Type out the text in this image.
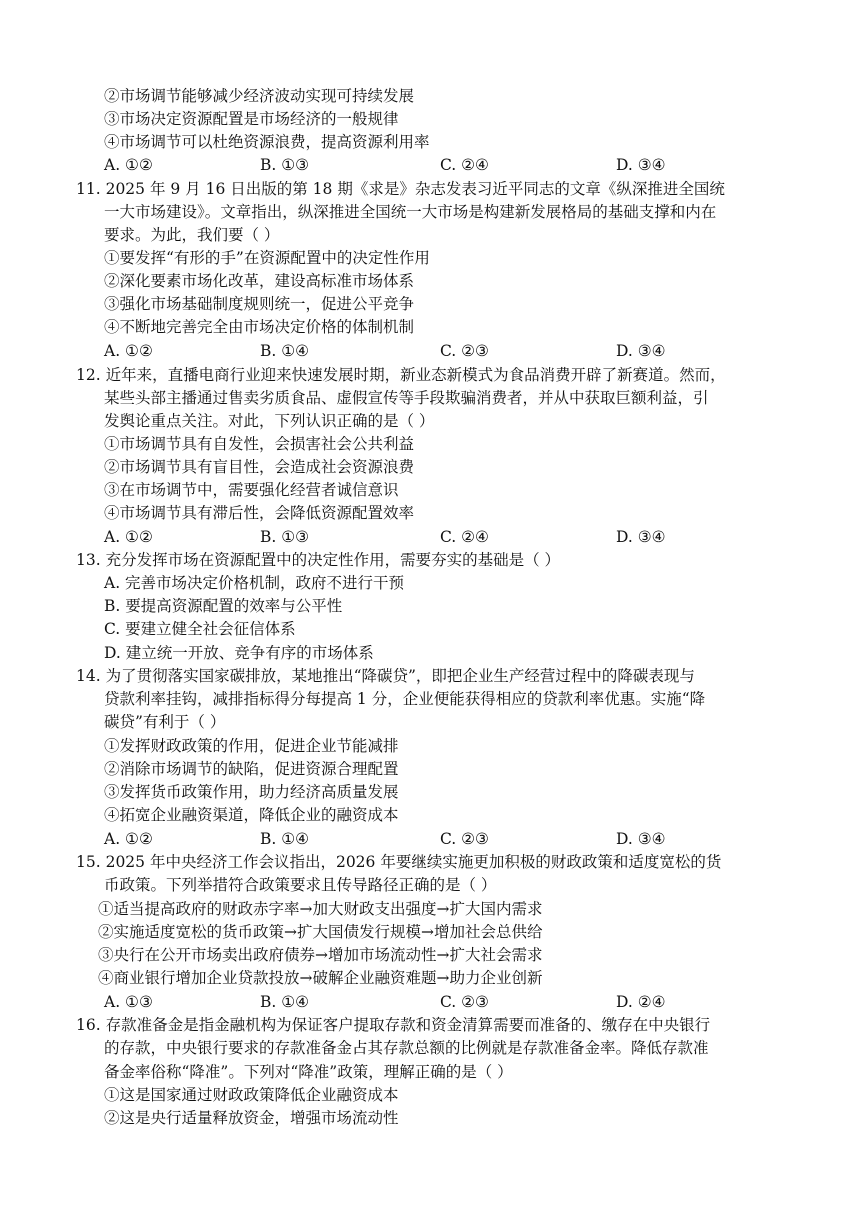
②市场调节能够减少经济波动实现可持续发展
③市场决定资源配置是市场经济的一般规律
④市场调节可以杜绝资源浪费，提高资源利用率
A. ①②	B. ①③	C. ②④	D. ③④
11. 2025 年 9 月 16 日出版的第 18 期《求是》杂志发表习近平同志的文章《纵深推进全国统
一大市场建设》。文章指出，纵深推进全国统一大市场是构建新发展格局的基础支撑和内在
要求。为此，我们要（ ）
①要发挥“有形的手”在资源配置中的决定性作用
②深化要素市场化改革，建设高标准市场体系
③强化市场基础制度规则统一，促进公平竞争
④不断地完善完全由市场决定价格的体制机制
A. ①②	B. ①④	C. ②③	D. ③④
12. 近年来，直播电商行业迎来快速发展时期，新业态新模式为食品消费开辟了新赛道。然而，
某些头部主播通过售卖劣质食品、虚假宣传等手段欺骗消费者，并从中获取巨额利益，引
发舆论重点关注。对此，下列认识正确的是（ ）
①市场调节具有自发性，会损害社会公共利益
②市场调节具有盲目性，会造成社会资源浪费
③在市场调节中，需要强化经营者诚信意识
④市场调节具有滞后性，会降低资源配置效率
A. ①②	B. ①③	C. ②④	D. ③④
13. 充分发挥市场在资源配置中的决定性作用，需要夯实的基础是（ ）
A. 完善市场决定价格机制，政府不进行干预
B. 要提高资源配置的效率与公平性
C. 要建立健全社会征信体系
D. 建立统一开放、竞争有序的市场体系
14. 为了贯彻落实国家碳排放，某地推出“降碳贷”，即把企业生产经营过程中的降碳表现与
贷款利率挂钩，减排指标得分每提高 1 分，企业便能获得相应的贷款利率优惠。实施“降
碳贷”有利于（ ）
①发挥财政政策的作用，促进企业节能减排
②消除市场调节的缺陷，促进资源合理配置
③发挥货币政策作用，助力经济高质量发展
④拓宽企业融资渠道，降低企业的融资成本
A. ①②	B. ①④	C. ②③	D. ③④
15. 2025 年中央经济工作会议指出，2026 年要继续实施更加积极的财政政策和适度宽松的货
币政策。下列举措符合政策要求且传导路径正确的是（ ）
①适当提高政府的财政赤字率→加大财政支出强度→扩大国内需求
②实施适度宽松的货币政策→扩大国债发行规模→增加社会总供给
③央行在公开市场卖出政府债券→增加市场流动性→扩大社会需求
④商业银行增加企业贷款投放→破解企业融资难题→助力企业创新
A. ①③	B. ①④	C. ②③	D. ②④
16. 存款准备金是指金融机构为保证客户提取存款和资金清算需要而准备的、缴存在中央银行
的存款，中央银行要求的存款准备金占其存款总额的比例就是存款准备金率。降低存款准
备金率俗称“降准”。下列对“降准”政策，理解正确的是（ ）
①这是国家通过财政政策降低企业融资成本
②这是央行适量释放资金，增强市场流动性
